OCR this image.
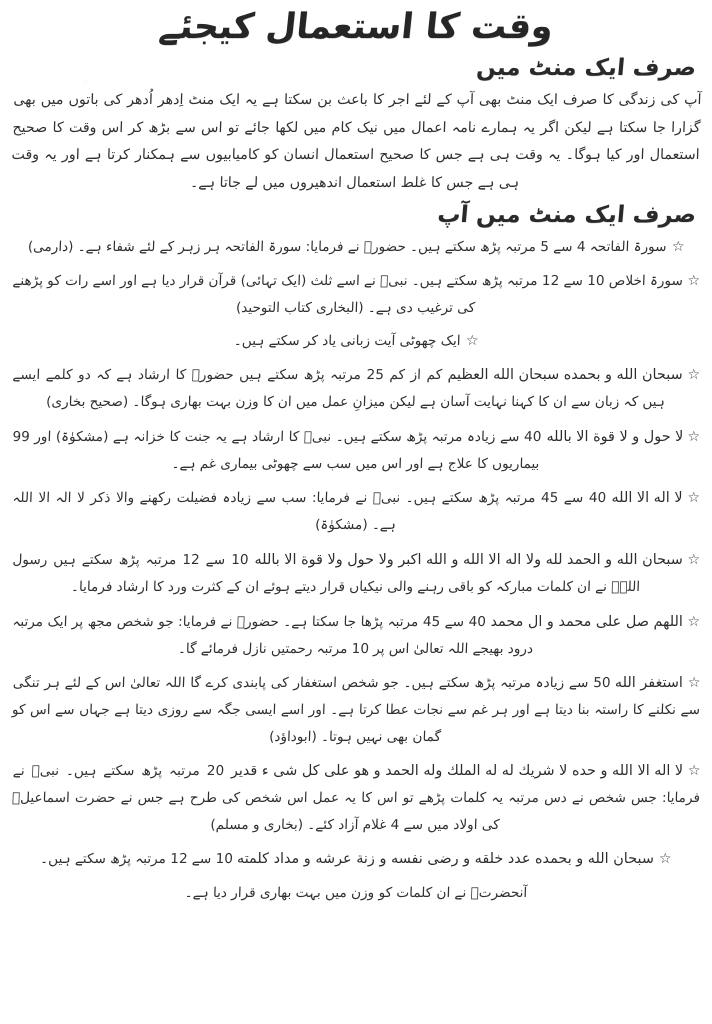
وقت کا استعمال کیجئے
صرف ایک منٹ میں

آپ کی زندگی کا صرف ایک منٹ بھی آپ کے لئے اجر کا باعث بن سکتا ہے یہ ایک منٹ اِدھر اُدھر کی باتوں میں بھی گزارا جا سکتا ہے لیکن اگر یہ ہمارے نامہ اعمال میں نیک کام میں لکھا جائے تو اس سے بڑھ کر اس وقت کا صحیح استعمال اور کیا ہوگا۔ یہ وقت ہی ہے جس کا صحیح استعمال انسان کو کامیابیوں سے ہمکنار کرتا ہے اور یہ وقت ہی ہے جس کا غلط استعمال اندھیروں میں لے جاتا ہے۔

صرف ایک منٹ میں آپ
☆سورۃ الفاتحہ 4 سے 5 مرتبہ پڑھ سکتے ہیں۔ حضورؐ نے فرمایا: سورۃ الفاتحہ ہر زہر کے لئے شفاء ہے۔ (دارمی)
☆سورۃ اخلاص 10 سے 12 مرتبہ پڑھ سکتے ہیں۔ نبیؐ نے اسے ثلث (ایک تہائی) قرآن قرار دیا ہے اور اسے رات کو پڑھنے کی ترغیب دی ہے۔ (البخاری کتاب التوحید)
☆ایک چھوٹی آیت زبانی یاد کر سکتے ہیں۔
☆سبحان الله و بحمده سبحان الله العظيم کم از کم 25 مرتبہ پڑھ سکتے ہیں حضورؐ کا ارشاد ہے کہ دو کلمے ایسے ہیں کہ زبان سے ان کا کہنا نہایت آسان ہے لیکن میزانِ عمل میں ان کا وزن بہت بھاری ہوگا۔ (صحیح بخاری)
☆لا حول و لا قوة الا بالله 40 سے زیادہ مرتبہ پڑھ سکتے ہیں۔ نبیؐ کا ارشاد ہے یہ جنت کا خزانہ ہے (مشکوٰۃ) اور 99 بیماریوں کا علاج ہے اور اس میں سب سے چھوٹی بیماری غم ہے۔
☆لا اله الا الله 40 سے 45 مرتبہ پڑھ سکتے ہیں۔ نبیؐ نے فرمایا: سب سے زیادہ فضیلت رکھنے والا ذکر لا الہ الا اللہ ہے۔ (مشکوٰۃ)
☆سبحان الله و الحمد لله ولا اله الا الله و الله اكبر ولا حول ولا قوة الا بالله 10 سے 12 مرتبہ پڑھ سکتے ہیں رسول اللہؐ نے ان کلمات مبارکہ کو باقی رہنے والی نیکیاں قرار دیتے ہوئے ان کے کثرت ورد کا ارشاد فرمایا۔
☆اللهم صل على محمد و ال محمد 40 سے 45 مرتبہ پڑھا جا سکتا ہے۔ حضورؐ نے فرمایا: جو شخص مجھ پر ایک مرتبہ درود بھیجے اللہ تعالیٰ اس پر 10 مرتبہ رحمتیں نازل فرمائے گا۔
☆استغفر الله 50 سے زیادہ مرتبہ پڑھ سکتے ہیں۔ جو شخص استغفار کی پابندی کرے گا اللہ تعالیٰ اس کے لئے ہر تنگی سے نکلنے کا راستہ بنا دیتا ہے اور ہر غم سے نجات عطا کرتا ہے۔ اور اسے ایسی جگہ سے روزی دیتا ہے جہاں سے اس کو گمان بھی نہیں ہوتا۔ (ابوداؤد)
☆لا اله الا الله و حده لا شريك له له الملك وله الحمد و هو على كل شى ء قدير 20 مرتبہ پڑھ سکتے ہیں۔ نبیؐ نے فرمایا: جس شخص نے دس مرتبہ یہ کلمات پڑھے تو اس کا یہ عمل اس شخص کی طرح ہے جس نے حضرت اسماعیلؑ کی اولاد میں سے 4 غلام آزاد کئے۔ (بخاری و مسلم)
☆سبحان الله و بحمده عدد خلقه و رضى نفسه و زنة عرشه و مداد كلمته 10 سے 12 مرتبہ پڑھ سکتے ہیں۔

آنحضرتؐ نے ان کلمات کو وزن میں بہت بھاری قرار دیا ہے۔
